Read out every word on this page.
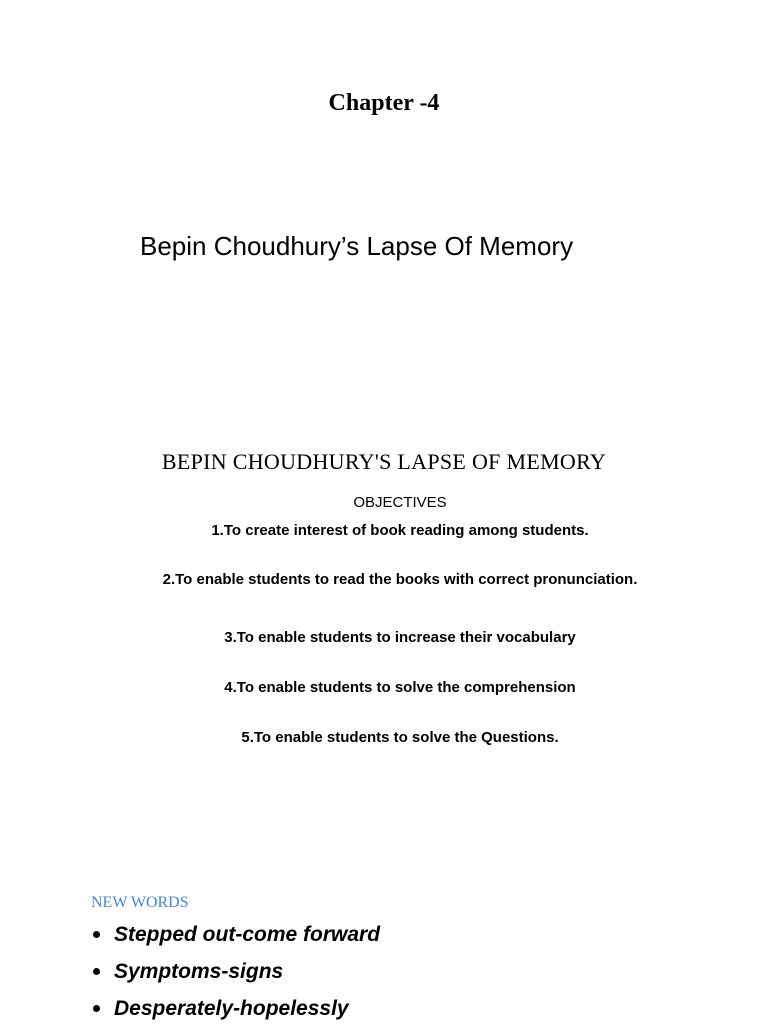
Chapter -4
Bepin Choudhury’s Lapse Of Memory
BEPIN CHOUDHURY'S LAPSE OF MEMORY
OBJECTIVES
1.To create interest of book reading among students.
2.To enable students to read the books with correct pronunciation.
3.To enable students to increase their vocabulary
4.To enable students to solve the comprehension
5.To enable students to solve the Questions.
NEW WORDS
Stepped out-come forward
Symptoms-signs
Desperately-hopelessly
